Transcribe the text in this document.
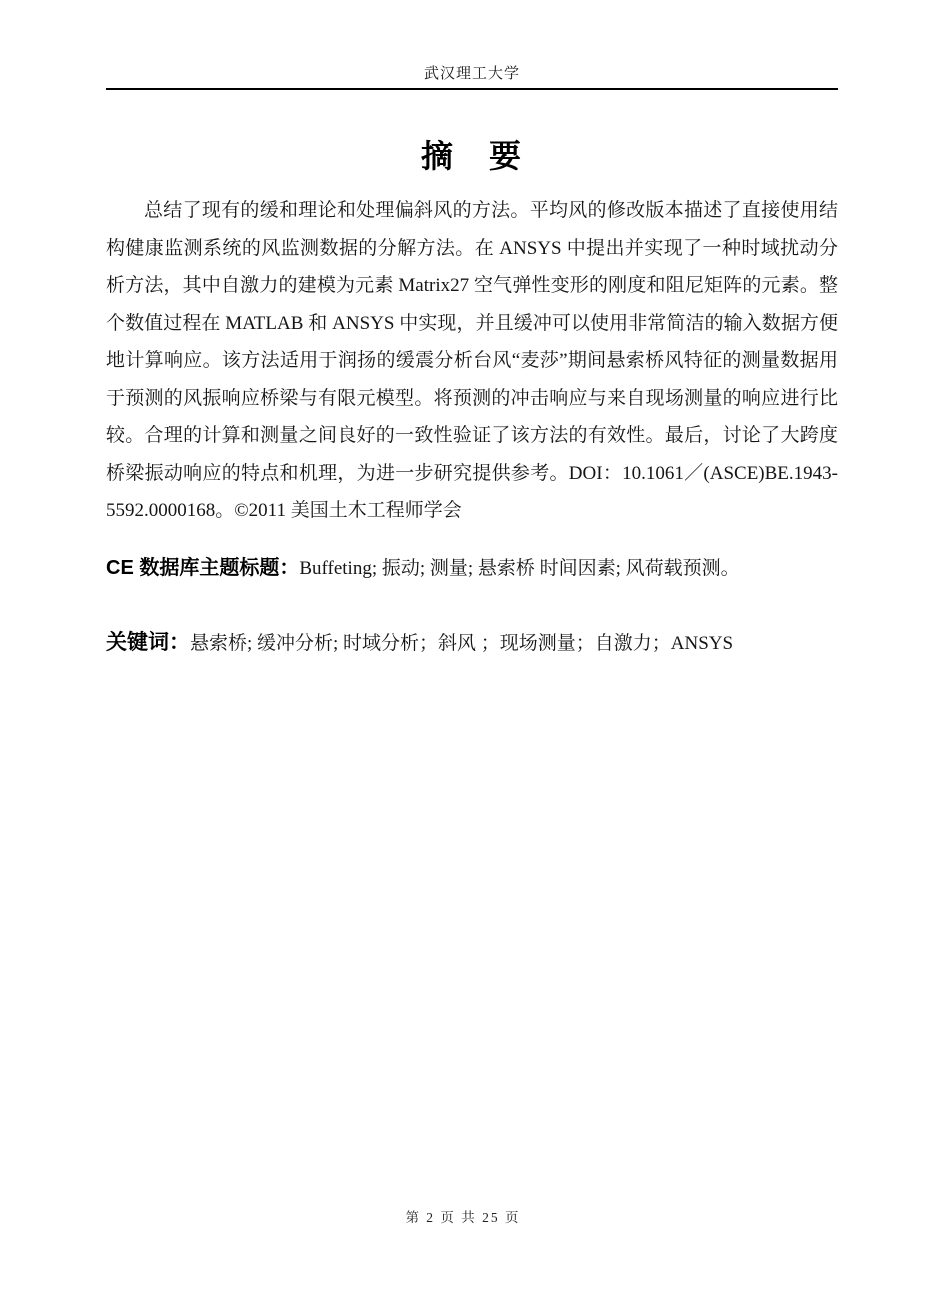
武汉理工大学
摘　要

总结了现有的缓和理论和处理偏斜风的方法。平均风的修改版本描述了直接使用结构健康监测系统的风监测数据的分解方法。在 ANSYS 中提出并实现了一种时域扰动分析方法，其中自激力的建模为元素 Matrix27 空气弹性变形的刚度和阻尼矩阵的元素。整个数值过程在 MATLAB 和 ANSYS 中实现，并且缓冲可以使用非常简洁的输入数据方便地计算响应。该方法适用于润扬的缓震分析台风“麦莎”期间悬索桥风特征的测量数据用于预测的风振响应桥梁与有限元模型。将预测的冲击响应与来自现场测量的响应进行比较。合理的计算和测量之间良好的一致性验证了该方法的有效性。最后，讨论了大跨度桥梁振动响应的特点和机理，为进一步研究提供参考。DOI：10.1061／(ASCE)BE.1943-5592.0000168。©2011 美国土木工程师学会

CE 数据库主题标题：Buffeting; 振动; 测量; 悬索桥 时间因素; 风荷载预测。
关键词：悬索桥; 缓冲分析; 时域分析；斜风 ；现场测量；自激力；ANSYS
第 2 页 共 25 页
